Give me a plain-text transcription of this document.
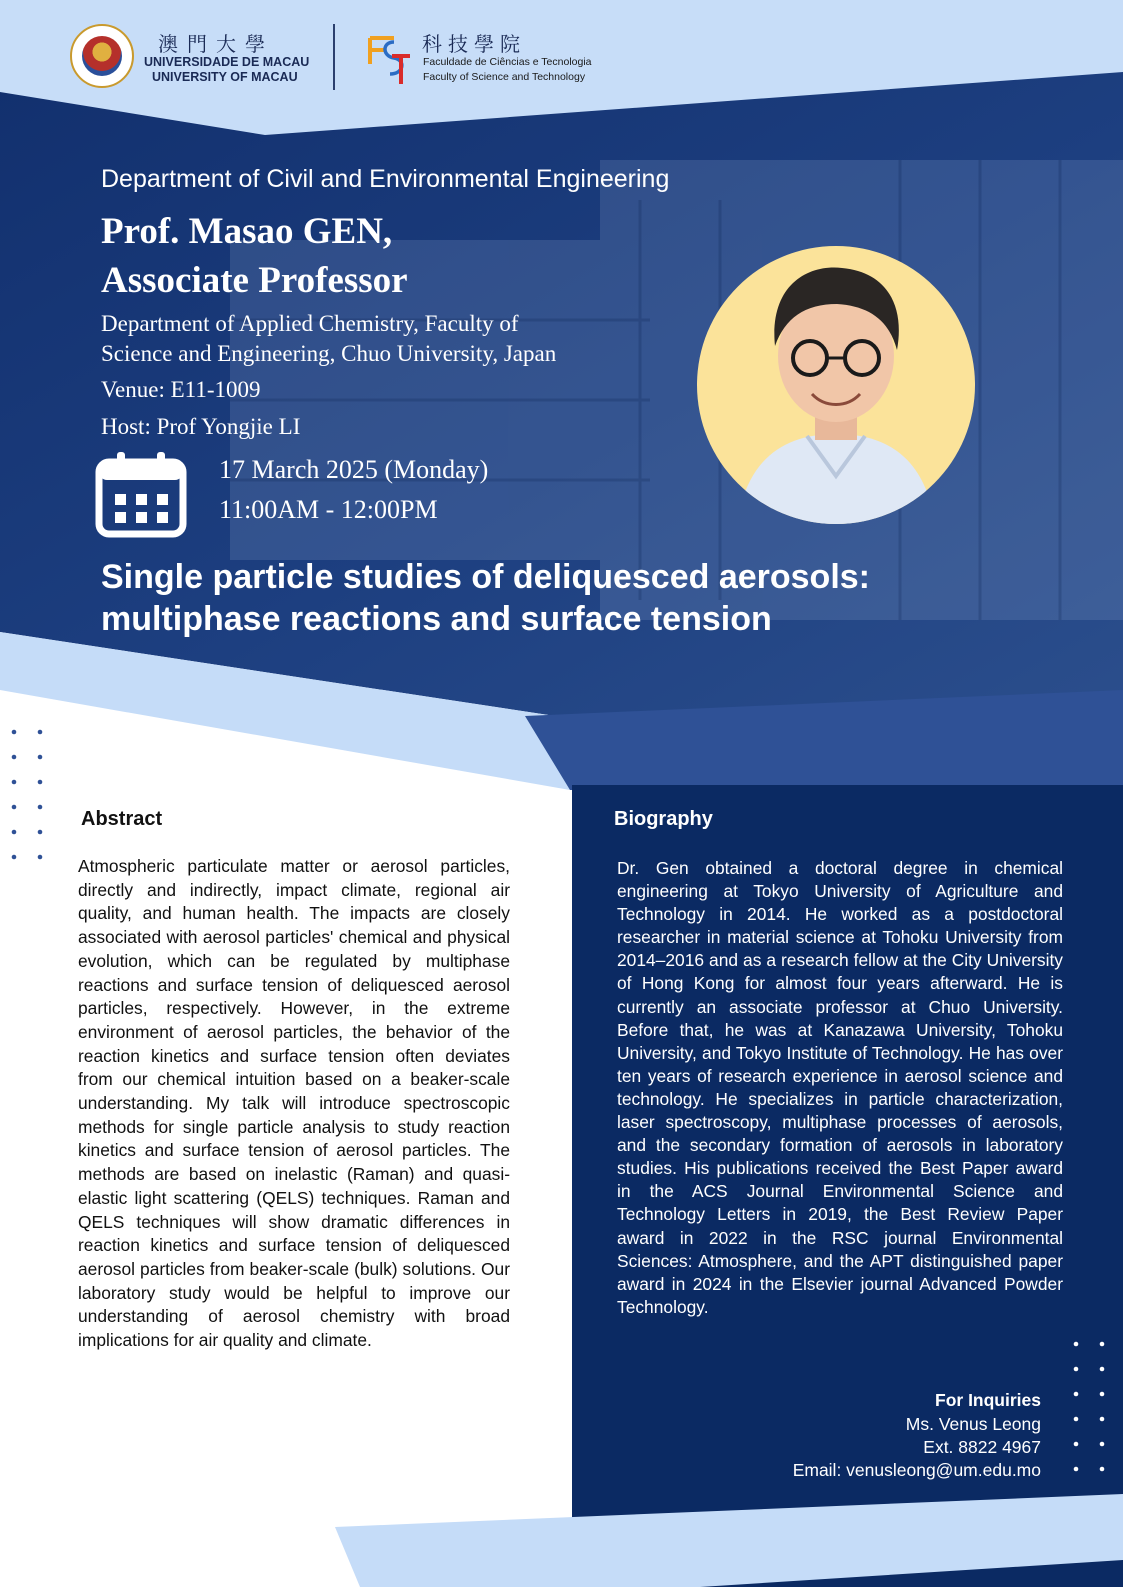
澳門大學
UNIVERSIDADE DE MACAU
UNIVERSITY OF MACAU
科技學院
Faculdade de Ciências e Tecnologia
Faculty of Science and Technology
Department of Civil and Environmental Engineering
Prof. Masao GEN,
Associate Professor
Department of Applied Chemistry, Faculty of
Science and Engineering, Chuo University, Japan
Venue: E11-1009
Host: Prof Yongjie LI
17 March 2025 (Monday)
11:00AM - 12:00PM
Single particle studies of deliquesced aerosols: multiphase reactions and surface tension
Abstract
Atmospheric particulate matter or aerosol particles, directly and indirectly, impact climate, regional air quality, and human health. The impacts are closely associated with aerosol particles' chemical and physical evolution, which can be regulated by multiphase reactions and surface tension of deliquesced aerosol particles, respectively. However, in the extreme environment of aerosol particles, the behavior of the reaction kinetics and surface tension often deviates from our chemical intuition based on a beaker-scale understanding. My talk will introduce spectroscopic methods for single particle analysis to study reaction kinetics and surface tension of aerosol particles. The methods are based on inelastic (Raman) and quasi-elastic light scattering (QELS) techniques. Raman and QELS techniques will show dramatic differences in reaction kinetics and surface tension of deliquesced aerosol particles from beaker-scale (bulk) solutions. Our laboratory study would be helpful to improve our understanding of aerosol chemistry with broad implications for air quality and climate.
Biography
Dr. Gen obtained a doctoral degree in chemical engineering at Tokyo University of Agriculture and Technology in 2014. He worked as a postdoctoral researcher in material science at Tohoku University from 2014–2016 and as a research fellow at the City University of Hong Kong for almost four years afterward. He is currently an associate professor at Chuo University. Before that, he was at Kanazawa University, Tohoku University, and Tokyo Institute of Technology. He has over ten years of research experience in aerosol science and technology. He specializes in particle characterization, laser spectroscopy, multiphase processes of aerosols, and the secondary formation of aerosols in laboratory studies. His publications received the Best Paper award in the ACS Journal Environmental Science and Technology Letters in 2019, the Best Review Paper award in 2022 in the RSC journal Environmental Sciences: Atmosphere, and the APT distinguished paper award in 2024 in the Elsevier journal Advanced Powder Technology.
For Inquiries
Ms. Venus Leong
Ext. 8822 4967
Email: venusleong@um.edu.mo
